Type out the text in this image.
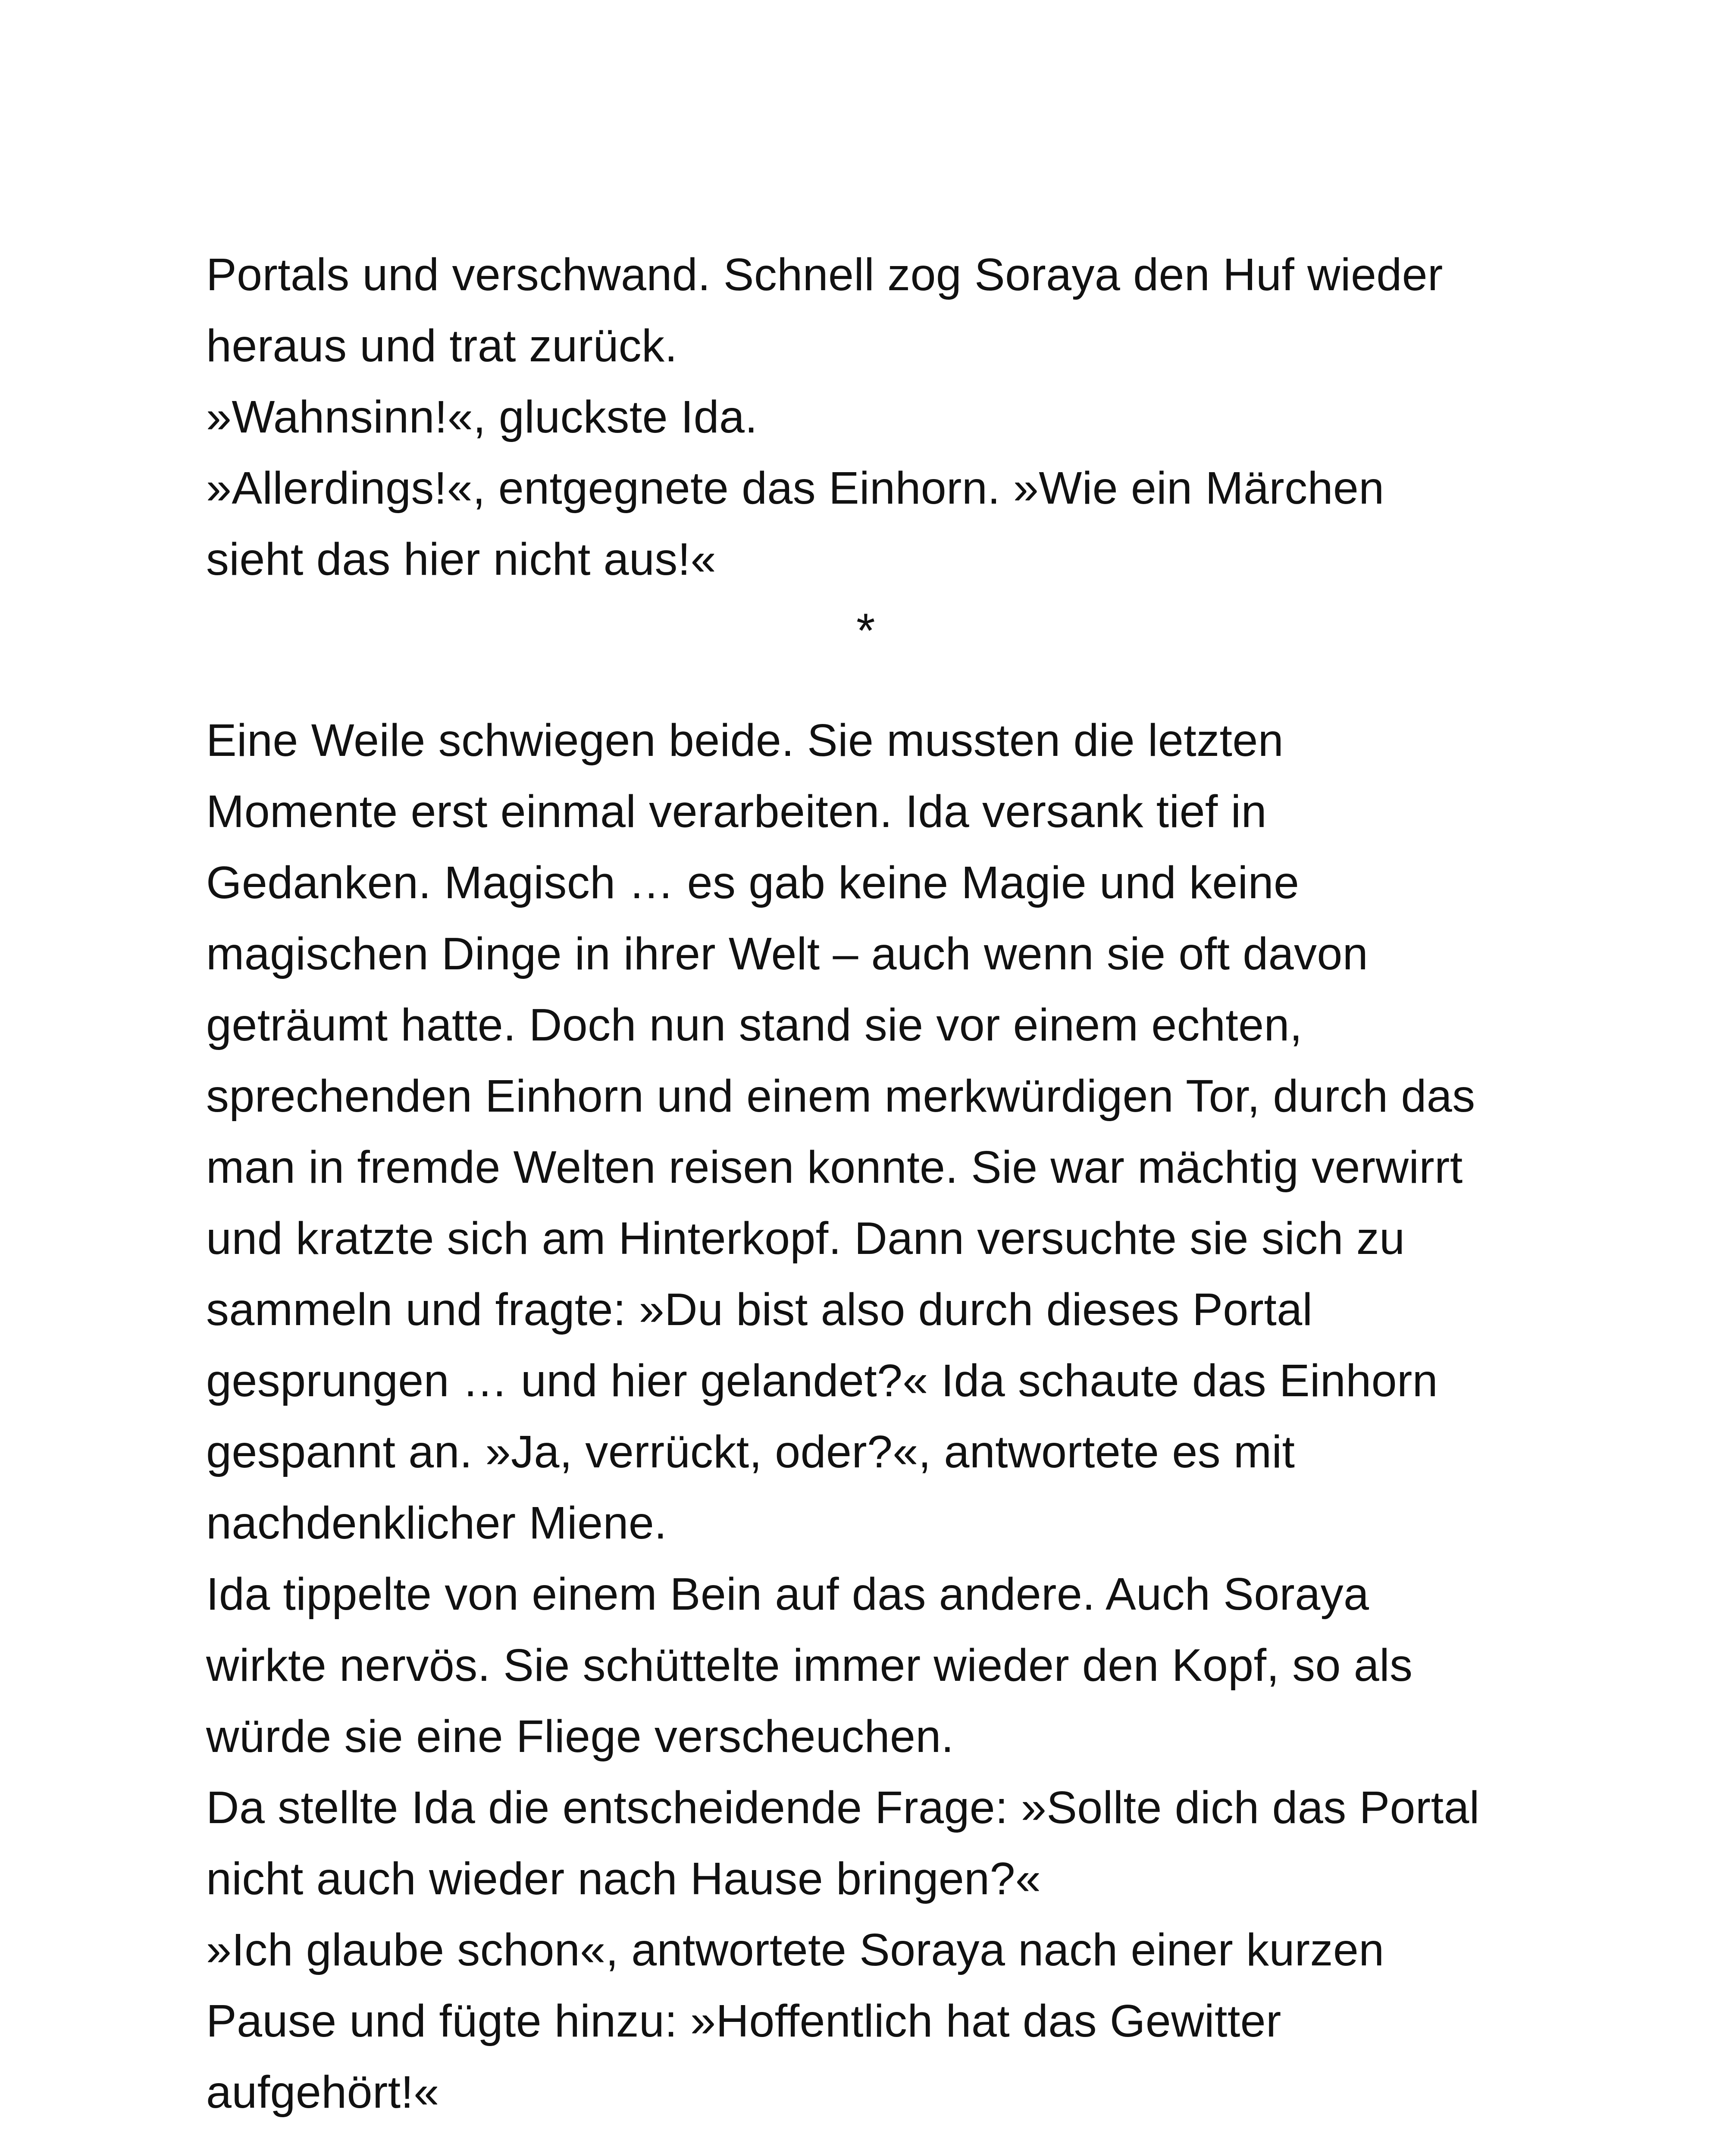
Portals und verschwand. Schnell zog Soraya den Huf wieder
heraus und trat zurück.
»Wahnsinn!«, gluckste Ida.
»Allerdings!«, entgegnete das Einhorn. »Wie ein Märchen
sieht das hier nicht aus!«
*
Eine Weile schwiegen beide. Sie mussten die letzten
Momente erst einmal verarbeiten. Ida versank tief in
Gedanken. Magisch … es gab keine Magie und keine
magischen Dinge in ihrer Welt – auch wenn sie oft davon
geträumt hatte. Doch nun stand sie vor einem echten,
sprechenden Einhorn und einem merkwürdigen Tor, durch das
man in fremde Welten reisen konnte. Sie war mächtig verwirrt
und kratzte sich am Hinterkopf. Dann versuchte sie sich zu
sammeln und fragte: »Du bist also durch dieses Portal
gesprungen … und hier gelandet?« Ida schaute das Einhorn
gespannt an. »Ja, verrückt, oder?«, antwortete es mit
nachdenklicher Miene.
Ida tippelte von einem Bein auf das andere. Auch Soraya
wirkte nervös. Sie schüttelte immer wieder den Kopf, so als
würde sie eine Fliege verscheuchen.
Da stellte Ida die entscheidende Frage: »Sollte dich das Portal
nicht auch wieder nach Hause bringen?«
»Ich glaube schon«, antwortete Soraya nach einer kurzen
Pause und fügte hinzu: »Hoffentlich hat das Gewitter
aufgehört!«
